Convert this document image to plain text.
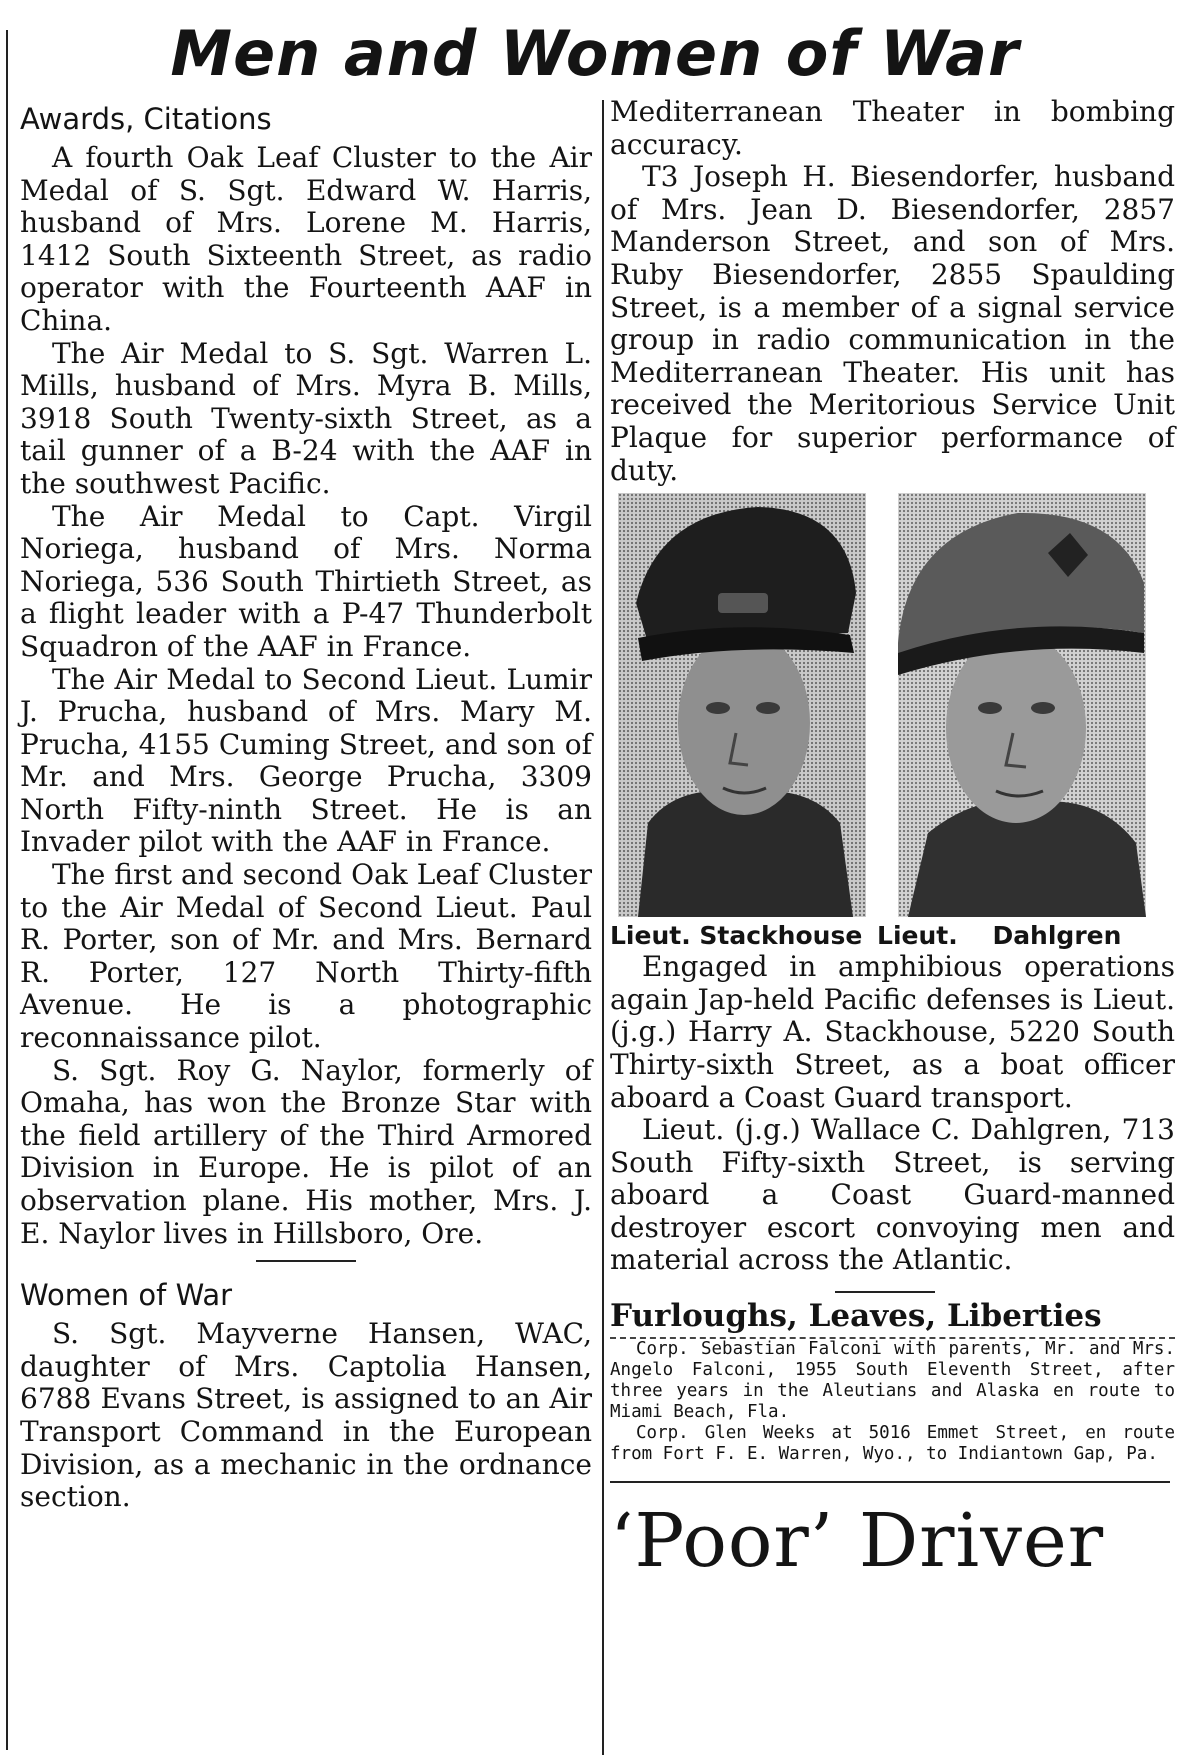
Men and Women of War
Awards, Citations

A fourth Oak Leaf Cluster to the Air Medal of S. Sgt. Edward W. Harris, husband of Mrs. Lorene M. Harris, 1412 South Sixteenth Street, as radio operator with the Fourteenth AAF in China.

The Air Medal to S. Sgt. Warren L. Mills, husband of Mrs. Myra B. Mills, 3918 South Twenty-sixth Street, as a tail gunner of a B-24 with the AAF in the southwest Pacific.

The Air Medal to Capt. Virgil Noriega, husband of Mrs. Norma Noriega, 536 South Thirtieth Street, as a flight leader with a P-47 Thunderbolt Squadron of the AAF in France.

The Air Medal to Second Lieut. Lumir J. Prucha, husband of Mrs. Mary M. Prucha, 4155 Cuming Street, and son of Mr. and Mrs. George Prucha, 3309 North Fifty-ninth Street. He is an Invader pilot with the AAF in France.

The first and second Oak Leaf Cluster to the Air Medal of Second Lieut. Paul R. Porter, son of Mr. and Mrs. Bernard R. Porter, 127 North Thirty-fifth Avenue. He is a photographic reconnaissance pilot.

S. Sgt. Roy G. Naylor, formerly of Omaha, has won the Bronze Star with the field artillery of the Third Armored Division in Europe. He is pilot of an observation plane. His mother, Mrs. J. E. Naylor lives in Hillsboro, Ore.

Women of War

S. Sgt. Mayverne Hansen, WAC, daughter of Mrs. Captolia Hansen, 6788 Evans Street, is assigned to an Air Transport Command in the European Division, as a mechanic in the ordnance section.

Mediterranean Theater in bombing accuracy.

T3 Joseph H. Biesendorfer, husband of Mrs. Jean D. Biesendorfer, 2857 Manderson Street, and son of Mrs. Ruby Biesendorfer, 2855 Spaulding Street, is a member of a signal service group in radio communication in the Mediterranean Theater. His unit has received the Meritorious Service Unit Plaque for superior performance of duty.

Lieut. Stackhouse Lieut. Dahlgren

Engaged in amphibious operations again Jap-held Pacific defenses is Lieut. (j.g.) Harry A. Stackhouse, 5220 South Thirty-sixth Street, as a boat officer aboard a Coast Guard transport.

Lieut. (j.g.) Wallace C. Dahlgren, 713 South Fifty-sixth Street, is serving aboard a Coast Guard-manned destroyer escort convoying men and material across the Atlantic.

Furloughs, Leaves, Liberties

Corp. Sebastian Falconi with parents, Mr. and Mrs. Angelo Falconi, 1955 South Eleventh Street, after three years in the Aleutians and Alaska en route to Miami Beach, Fla.

Corp. Glen Weeks at 5016 Emmet Street, en route from Fort F. E. Warren, Wyo., to Indiantown Gap, Pa.

‘Poor’ Driver
